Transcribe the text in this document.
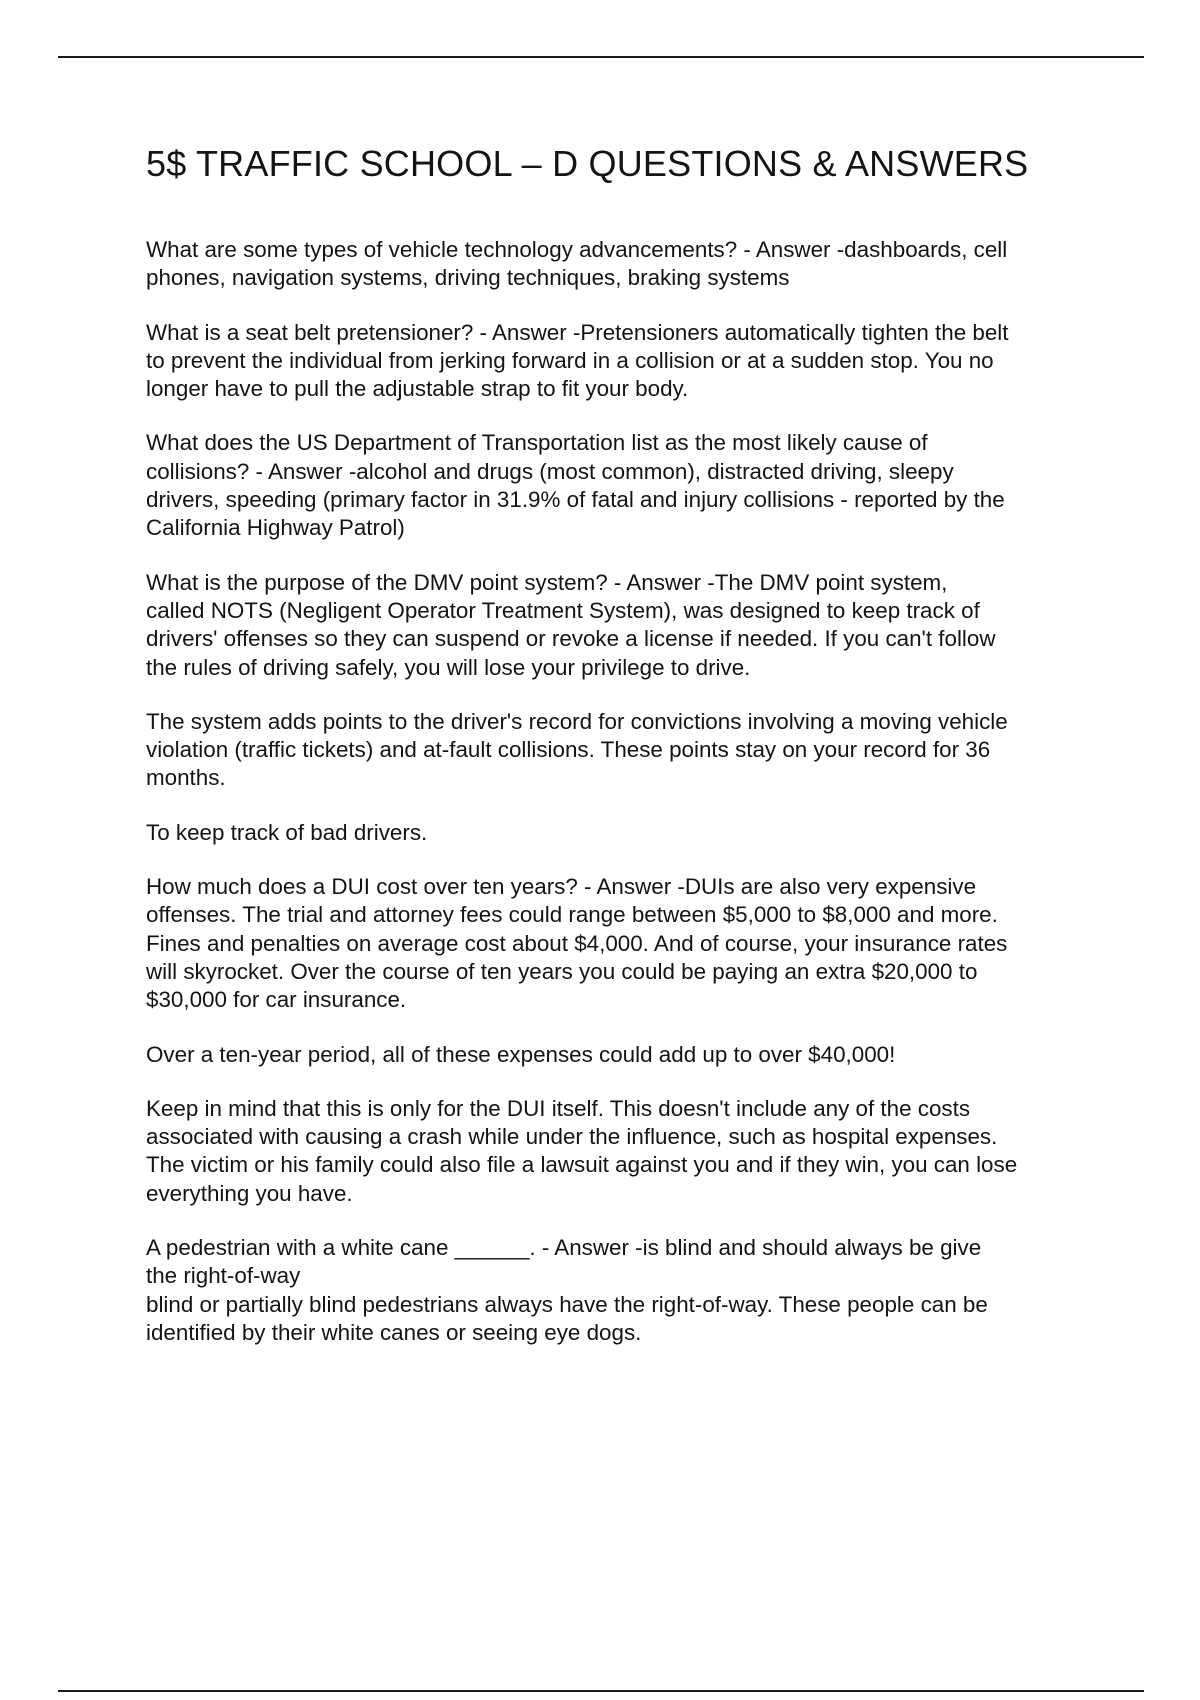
5$ TRAFFIC SCHOOL – D QUESTIONS & ANSWERS

What are some types of vehicle technology advancements? - Answer -dashboards, cell
phones, navigation systems, driving techniques, braking systems

What is a seat belt pretensioner? - Answer -Pretensioners automatically tighten the belt
to prevent the individual from jerking forward in a collision or at a sudden stop. You no
longer have to pull the adjustable strap to fit your body.

What does the US Department of Transportation list as the most likely cause of
collisions? - Answer -alcohol and drugs (most common), distracted driving, sleepy
drivers, speeding (primary factor in 31.9% of fatal and injury collisions - reported by the
California Highway Patrol)

What is the purpose of the DMV point system? - Answer -The DMV point system,
called NOTS (Negligent Operator Treatment System), was designed to keep track of
drivers' offenses so they can suspend or revoke a license if needed. If you can't follow
the rules of driving safely, you will lose your privilege to drive.

The system adds points to the driver's record for convictions involving a moving vehicle
violation (traffic tickets) and at-fault collisions. These points stay on your record for 36
months.

To keep track of bad drivers.

How much does a DUI cost over ten years? - Answer -DUIs are also very expensive
offenses. The trial and attorney fees could range between $5,000 to $8,000 and more.
Fines and penalties on average cost about $4,000. And of course, your insurance rates
will skyrocket. Over the course of ten years you could be paying an extra $20,000 to
$30,000 for car insurance.

Over a ten-year period, all of these expenses could add up to over $40,000!

Keep in mind that this is only for the DUI itself. This doesn't include any of the costs
associated with causing a crash while under the influence, such as hospital expenses.
The victim or his family could also file a lawsuit against you and if they win, you can lose
everything you have.

A pedestrian with a white cane ______. - Answer -is blind and should always be give
the right-of-way
blind or partially blind pedestrians always have the right-of-way. These people can be
identified by their white canes or seeing eye dogs.
